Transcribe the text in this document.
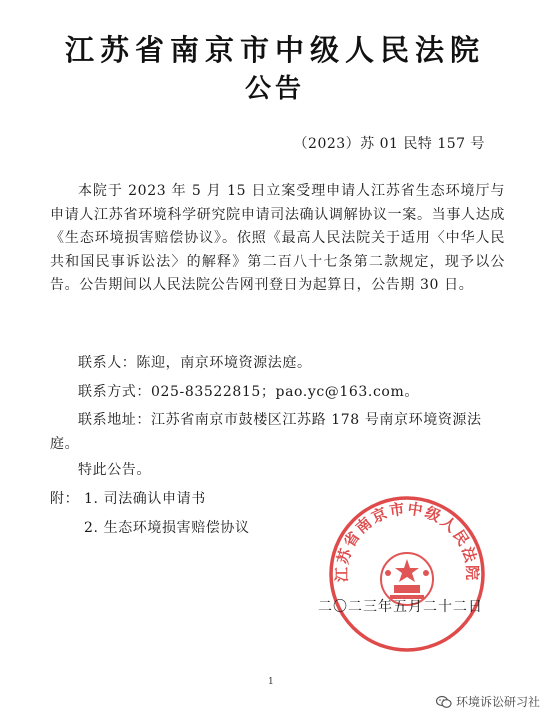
江苏省南京市中级人民法院
公告
（2023）苏 01 民特 157 号

本院于 2023 年 5 月 15 日立案受理申请人江苏省生态环境厅与申请人江苏省环境科学研究院申请司法确认调解协议一案。当事人达成《生态环境损害赔偿协议》。依照《最高人民法院关于适用〈中华人民共和国民事诉讼法〉的解释》第二百八十七条第二款规定，现予以公告。公告期间以人民法院公告网刊登日为起算日，公告期 30 日。

联系人：陈迎，南京环境资源法庭。
联系方式：025-83522815；pao.yc@163.com。
联系地址：江苏省南京市鼓楼区江苏路 178 号南京环境资源法庭。
特此公告。
附： 1. 司法确认申请书
2. 生态环境损害赔偿协议
江苏省南京市中级人民法院
二〇二三年五月二十二日
1
环境诉讼研习社
